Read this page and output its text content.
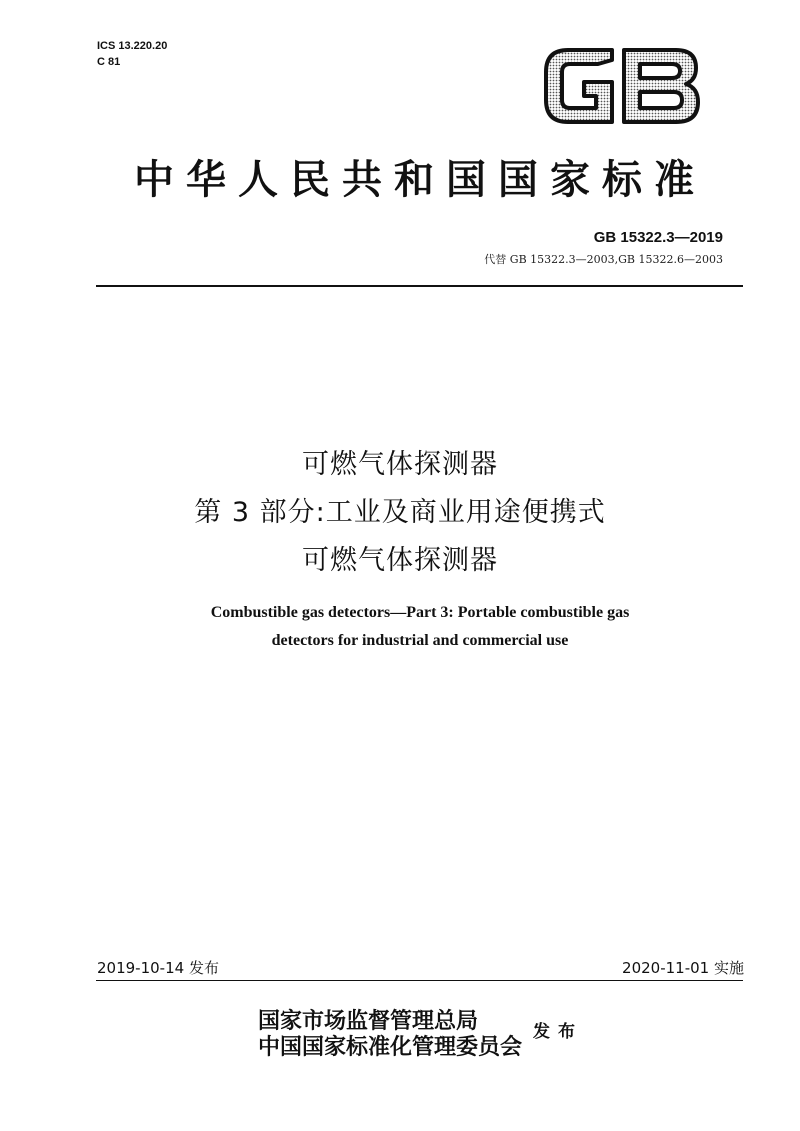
ICS 13.220.20
C 81
中华人民共和国国家标准
GB 15322.3—2019
代替 GB 15322.3—2003,GB 15322.6—2003
可燃气体探测器
第 3 部分:工业及商业用途便携式
可燃气体探测器
Combustible gas detectors—Part 3: Portable combustible gas
detectors for industrial and commercial use
2019-10-14 发布	2020-11-01 实施
国家市场监督管理总局
中国国家标准化管理委员会
发布
